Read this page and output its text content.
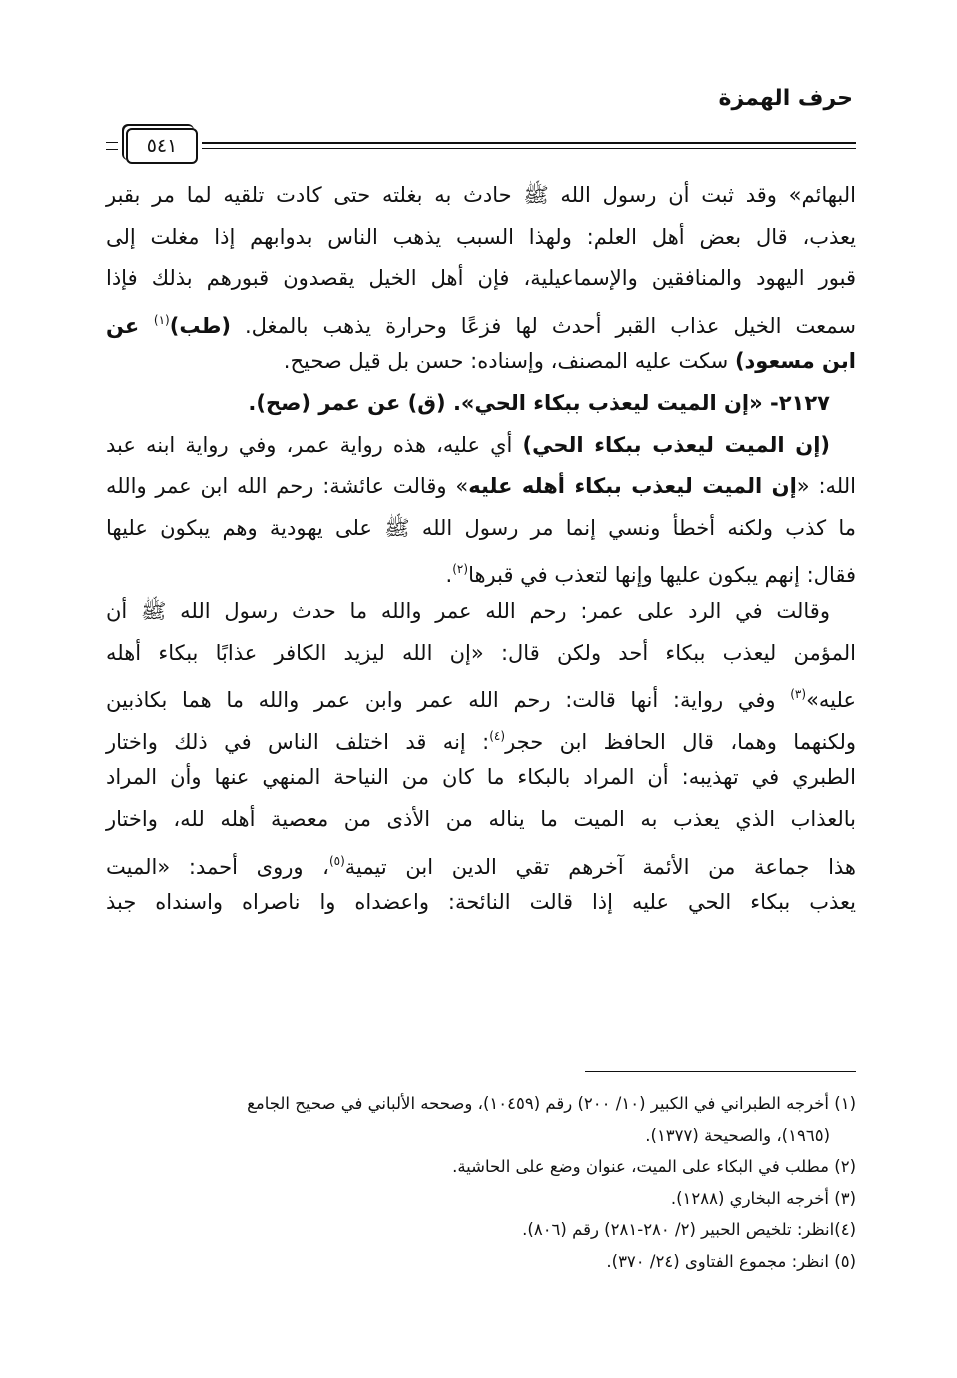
حرف الهمزة
٥٤١
البهائم» وقد ثبت أن رسول الله ﷺ حادث به بغلته حتى كادت تلقيه لما مر بقبر
يعذب، قال بعض أهل العلم: ولهذا السبب يذهب الناس بدوابهم إذا مغلت إلى
قبور اليهود والمنافقين والإسماعيلية، فإن أهل الخيل يقصدون قبورهم بذلك فإذا
سمعت الخيل عذاب القبر أحدث لها فزعًا وحرارة يذهب بالمغل. (طب)$^{(١)}$ عن
ابن مسعود) سكت عليه المصنف، وإسناده: حسن بل قيل صحيح.
٢١٢٧- «إن الميت ليعذب ببكاء الحي». (ق) عن عمر (صح).
(إن الميت ليعذب ببكاء الحي) أي عليه، هذه رواية عمر، وفي رواية ابنه عبد
الله: «إن الميت ليعذب ببكاء أهله عليه» وقالت عائشة: رحم الله ابن عمر والله
ما كذب ولكنه أخطأ ونسي إنما مر رسول الله ﷺ على يهودية وهم يبكون عليها
فقال: إنهم يبكون عليها وإنها لتعذب في قبرها$^{(٢)}$.
وقالت في الرد على عمر: رحم الله عمر والله ما حدث رسول الله ﷺ أن
المؤمن ليعذب ببكاء أحد ولكن قال: «إن الله ليزيد الكافر عذابًا ببكاء أهله
عليه»$^{(٣)}$ وفي رواية: أنها قالت: رحم الله عمر وابن عمر والله ما هما بكاذبين
ولكنهما وهما، قال الحافظ ابن حجر$^{(٤)}$: إنه قد اختلف الناس في ذلك واختار
الطبري في تهذيبه: أن المراد بالبكاء ما كان من النياحة المنهي عنها وأن المراد
بالعذاب الذي يعذب به الميت ما يناله من الأذى من معصية أهله لله، واختار
هذا جماعة من الأئمة آخرهم تقي الدين ابن تيمية$^{(٥)}$، وروى أحمد: «الميت
يعذب ببكاء الحي عليه إذا قالت النائحة: واعضداه وا ناصراه واسنداه جبذ
(١) أخرجه الطبراني في الكبير (١٠/ ٢٠٠) رقم (١٠٤٥٩)، وصححه الألباني في صحيح الجامع
(١٩٦٥)، والصحيحة (١٣٧٧).
(٢) مطلب في البكاء على الميت، عنوان وضع على الحاشية.
(٣) أخرجه البخاري (١٢٨٨).
(٤)انظر: تلخيص الحبير (٢/ ٢٨٠-٢٨١) رقم (٨٠٦).
(٥) انظر: مجموع الفتاوى (٢٤/ ٣٧٠).
